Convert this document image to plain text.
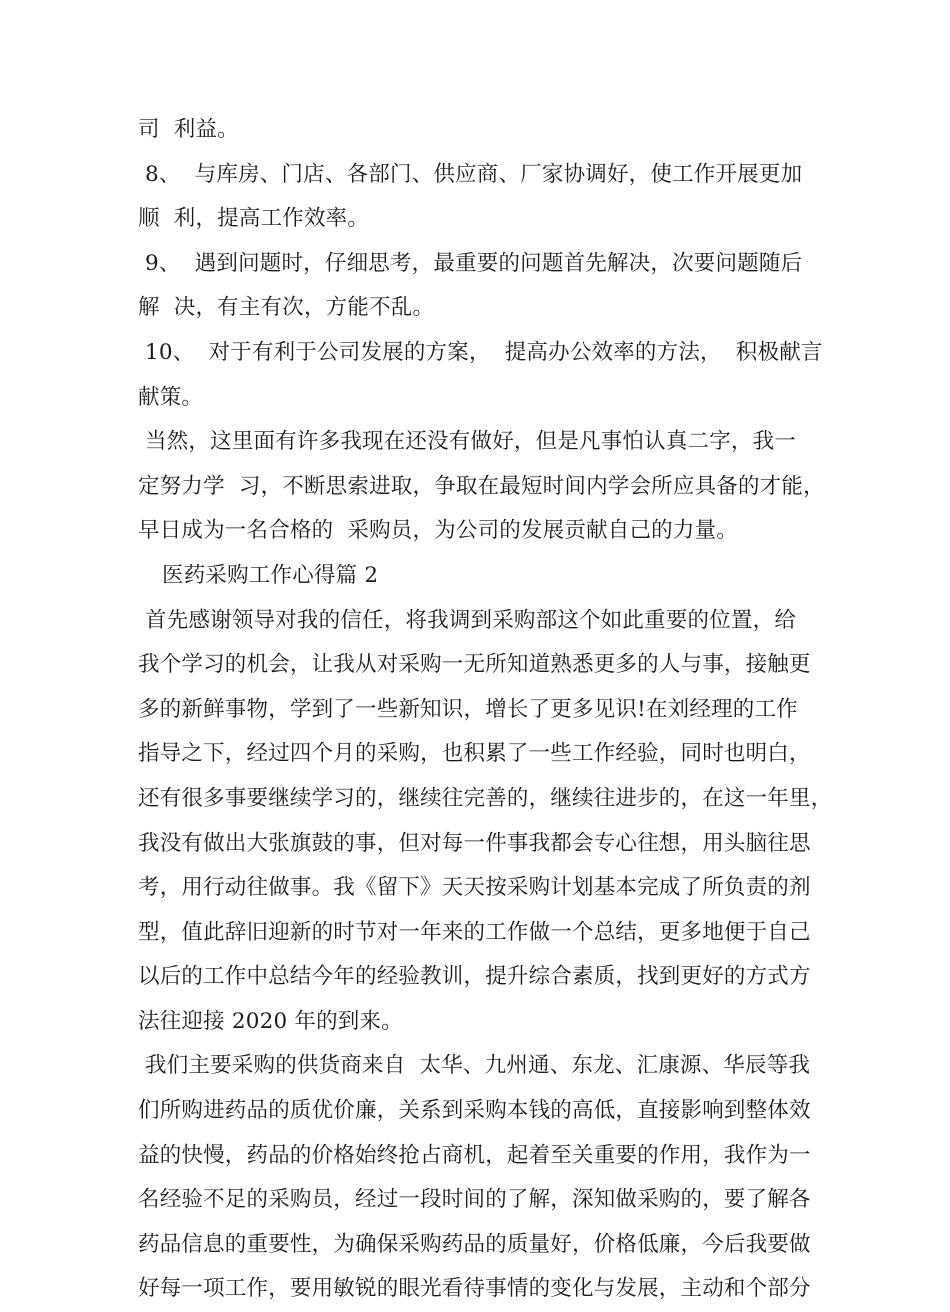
司  利益。
8、  与库房、门店、各部门、供应商、厂家协调好，使工作开展更加
顺  利，提高工作效率。
9、  遇到问题时，仔细思考，最重要的问题首先解决，次要问题随后
解  决，有主有次，方能不乱。
10、  对于有利于公司发展的方案，  提高办公效率的方法，  积极献言
献策。
当然，这里面有许多我现在还没有做好，但是凡事怕认真二字，我一
定努力学  习，不断思索进取，争取在最短时间内学会所应具备的才能，
早日成为一名合格的  采购员，为公司的发展贡献自己的力量。
医药采购工作心得篇 2
首先感谢领导对我的信任，将我调到采购部这个如此重要的位置，给
我个学习的机会，让我从对采购一无所知道熟悉更多的人与事，接触更
多的新鲜事物，学到了一些新知识，增长了更多见识!在刘经理的工作
指导之下，经过四个月的采购，也积累了一些工作经验，同时也明白，
还有很多事要继续学习的，继续往完善的，继续往进步的，在这一年里，
我没有做出大张旗鼓的事，但对每一件事我都会专心往想，用头脑往思
考，用行动往做事。我《留下》天天按采购计划基本完成了所负责的剂
型，值此辞旧迎新的时节对一年来的工作做一个总结，更多地便于自己
以后的工作中总结今年的经验教训，提升综合素质，找到更好的方式方
法往迎接 2020 年的到来。
我们主要采购的供货商来自  太华、九州通、东龙、汇康源、华辰等我
们所购进药品的质优价廉，关系到采购本钱的高低，直接影响到整体效
益的快慢，药品的价格始终抢占商机，起着至关重要的作用，我作为一
名经验不足的采购员，经过一段时间的了解，深知做采购的，要了解各
药品信息的重要性，为确保采购药品的质量好，价格低廉，今后我要做
好每一项工作，要用敏锐的眼光看待事情的变化与发展，主动和个部分
